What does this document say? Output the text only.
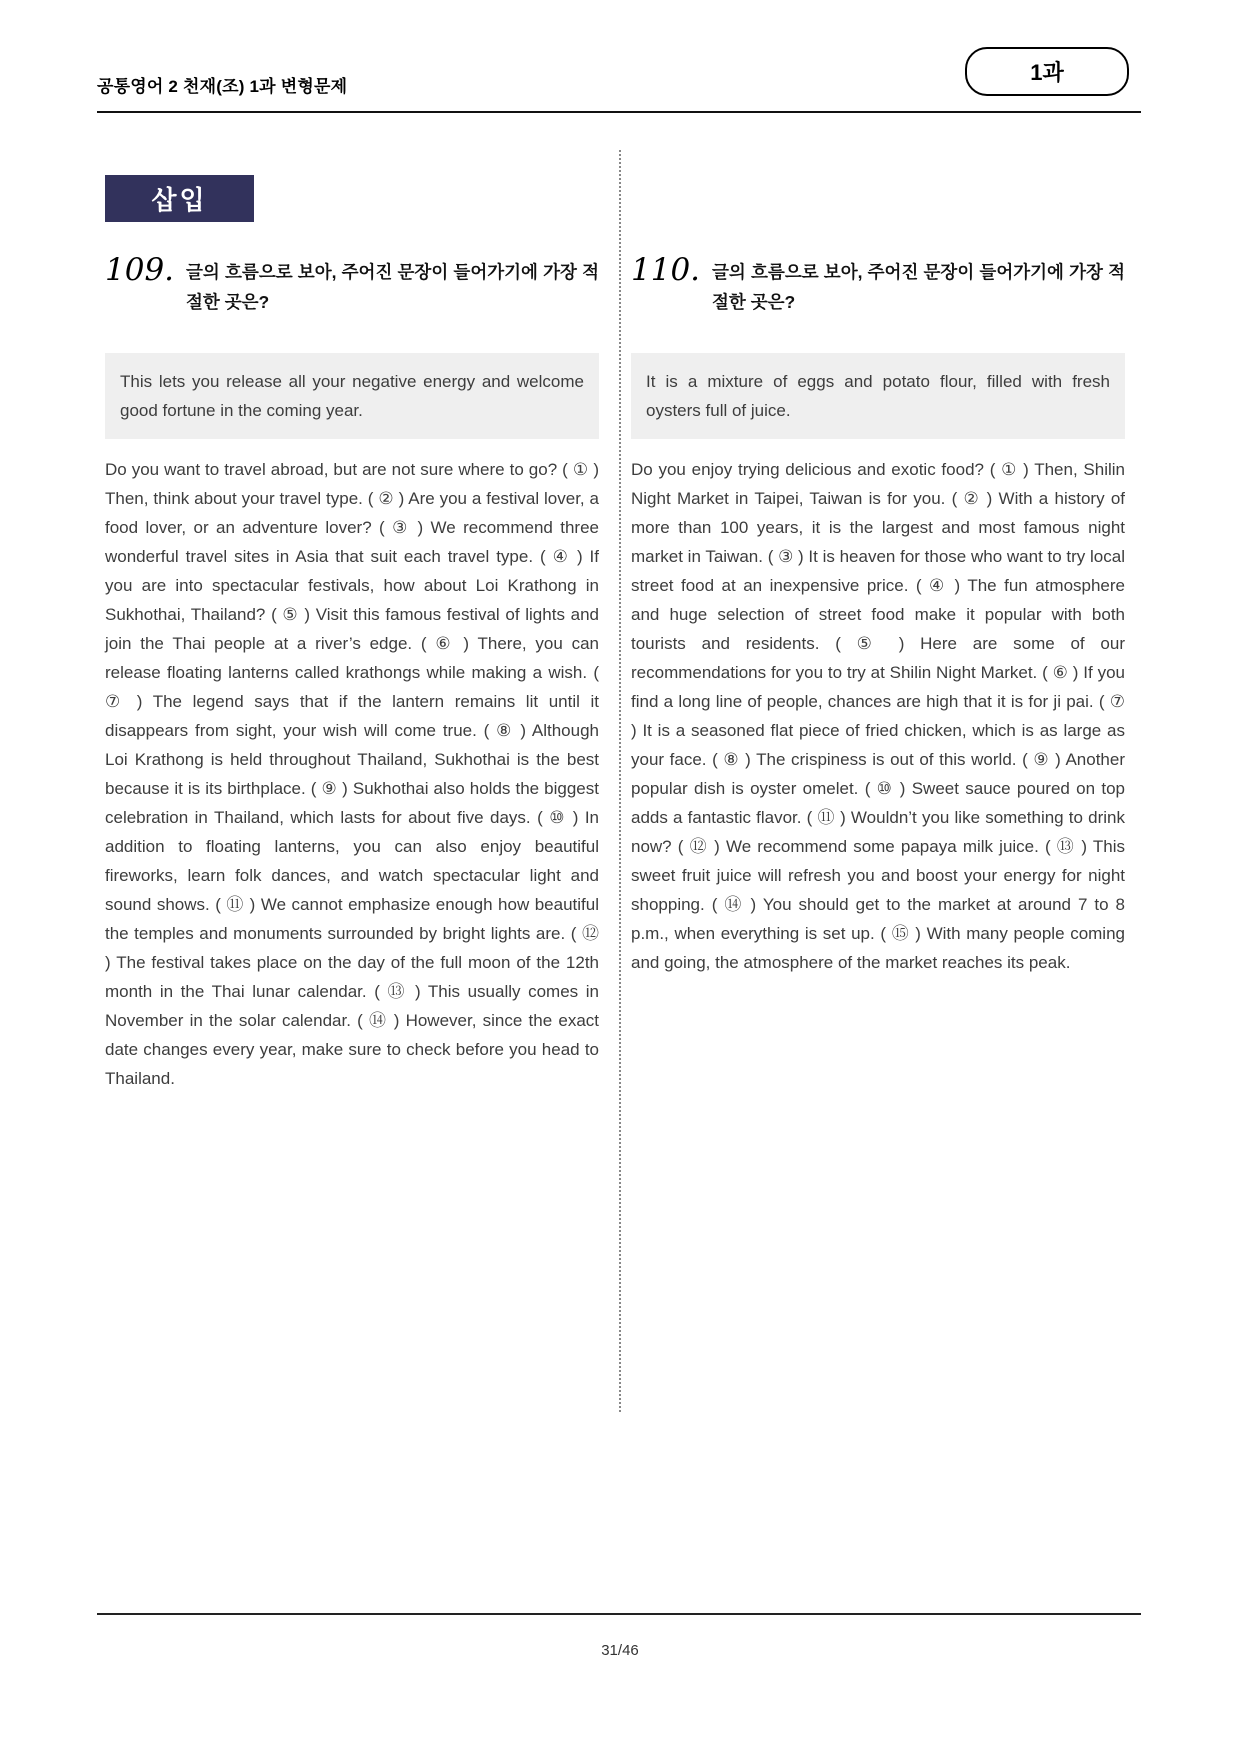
공통영어 2 천재(조) 1과 변형문제
1과
삽입
109. 글의 흐름으로 보아, 주어진 문장이 들어가기에 가장 적절한 곳은?
This lets you release all your negative energy and welcome good fortune in the coming year.
Do you want to travel abroad, but are not sure where to go? ( ① ) Then, think about your travel type. ( ② ) Are you a festival lover, a food lover, or an adventure lover? ( ③ ) We recommend three wonderful travel sites in Asia that suit each travel type. ( ④ ) If you are into spectacular festivals, how about Loi Krathong in Sukhothai, Thailand? ( ⑤ ) Visit this famous festival of lights and join the Thai people at a river’s edge. ( ⑥ ) There, you can release floating lanterns called krathongs while making a wish. ( ⑦ ) The legend says that if the lantern remains lit until it disappears from sight, your wish will come true. ( ⑧ ) Although Loi Krathong is held throughout Thailand, Sukhothai is the best because it is its birthplace. ( ⑨ ) Sukhothai also holds the biggest celebration in Thailand, which lasts for about five days. ( ⑩ ) In addition to floating lanterns, you can also enjoy beautiful fireworks, learn folk dances, and watch spectacular light and sound shows. ( ⑪ ) We cannot emphasize enough how beautiful the temples and monuments surrounded by bright lights are. ( ⑫ ) The festival takes place on the day of the full moon of the 12th month in the Thai lunar calendar. ( ⑬ ) This usually comes in November in the solar calendar. ( ⑭ ) However, since the exact date changes every year, make sure to check before you head to Thailand.
110. 글의 흐름으로 보아, 주어진 문장이 들어가기에 가장 적절한 곳은?
It is a mixture of eggs and potato flour, filled with fresh oysters full of juice.
Do you enjoy trying delicious and exotic food? ( ① ) Then, Shilin Night Market in Taipei, Taiwan is for you. ( ② ) With a history of more than 100 years, it is the largest and most famous night market in Taiwan. ( ③ ) It is heaven for those who want to try local street food at an inexpensive price. ( ④ ) The fun atmosphere and huge selection of street food make it popular with both tourists and residents. ( ⑤ ) Here are some of our recommendations for you to try at Shilin Night Market. ( ⑥ ) If you find a long line of people, chances are high that it is for ji pai. ( ⑦ ) It is a seasoned flat piece of fried chicken, which is as large as your face. ( ⑧ ) The crispiness is out of this world. ( ⑨ ) Another popular dish is oyster omelet. ( ⑩ ) Sweet sauce poured on top adds a fantastic flavor. ( ⑪ ) Wouldn’t you like something to drink now? ( ⑫ ) We recommend some papaya milk juice. ( ⑬ ) This sweet fruit juice will refresh you and boost your energy for night shopping. ( ⑭ ) You should get to the market at around 7 to 8 p.m., when everything is set up. ( ⑮ ) With many people coming and going, the atmosphere of the market reaches its peak.
31/46
